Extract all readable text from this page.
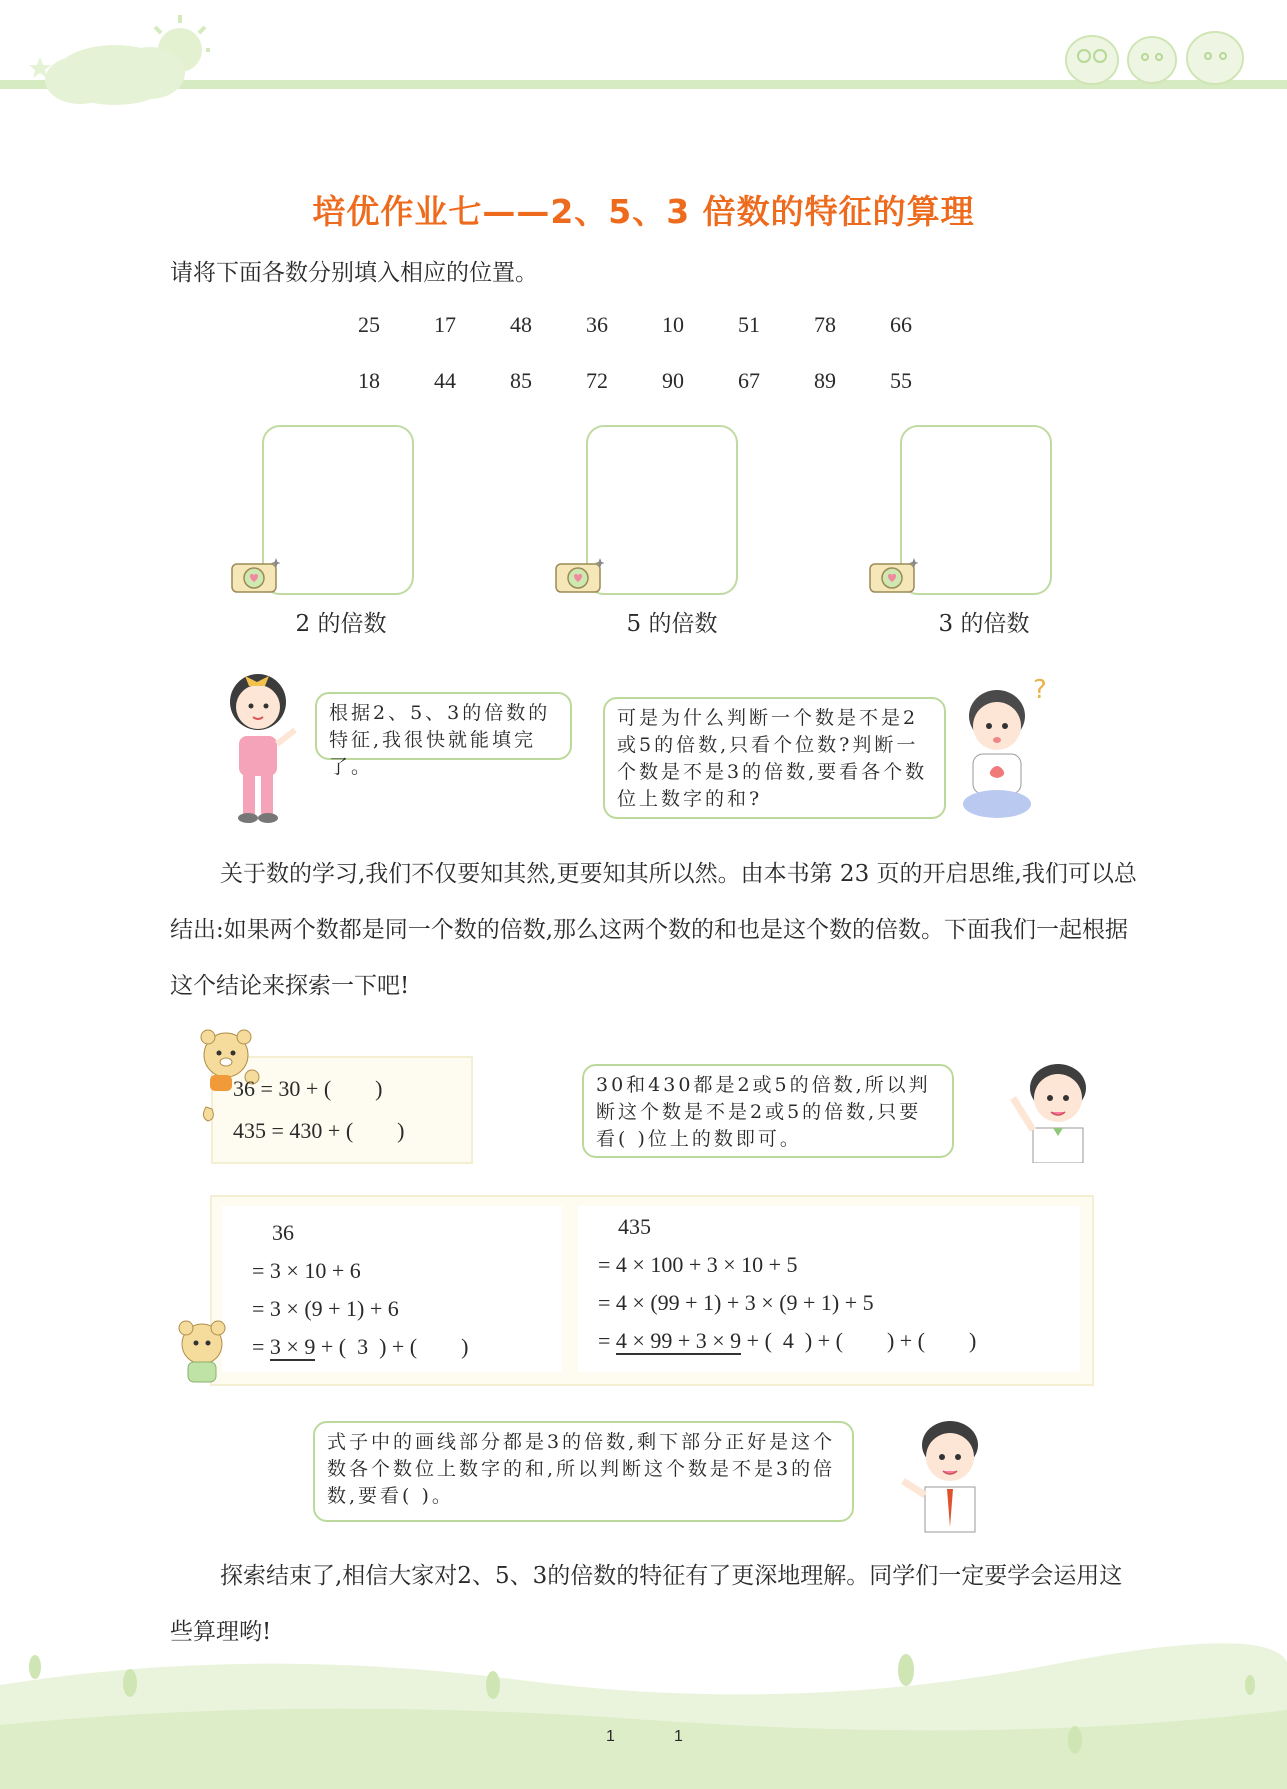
培优作业七——2、5、3 倍数的特征的算理
请将下面各数分别填入相应的位置。
25	17	48	36	10	51	78	66
18	44	85	72	90	67	89	55
2 的倍数	5 的倍数	3 的倍数
根据2、5、3的倍数的特征,我很快就能填完了。
可是为什么判断一个数是不是2或5的倍数,只看个位数?判断一个数是不是3的倍数,要看各个数位上数字的和?
?
关于数的学习,我们不仅要知其然,更要知其所以然。由本书第 23 页的开启思维,我们可以总结出:如果两个数都是同一个数的倍数,那么这两个数的和也是这个数的倍数。下面我们一起根据这个结论来探索一下吧!
36 = 30 + (        )
435 = 430 + (        )
30和430都是2或5的倍数,所以判断这个数是不是2或5的倍数,只要看( )位上的数即可。
36
= 3 × 10 + 6
= 3 × (9 + 1) + 6
= 3 × 9 + (  3  ) + (        )
435
= 4 × 100 + 3 × 10 + 5
= 4 × (99 + 1) + 3 × (9 + 1) + 5
= 4 × 99 + 3 × 9 + (  4  ) + (        ) + (        )
式子中的画线部分都是3的倍数,剩下部分正好是这个数各个数位上数字的和,所以判断这个数是不是3的倍数,要看( )。
探索结束了,相信大家对2、5、3的倍数的特征有了更深地理解。同学们一定要学会运用这些算理哟!
1	1
